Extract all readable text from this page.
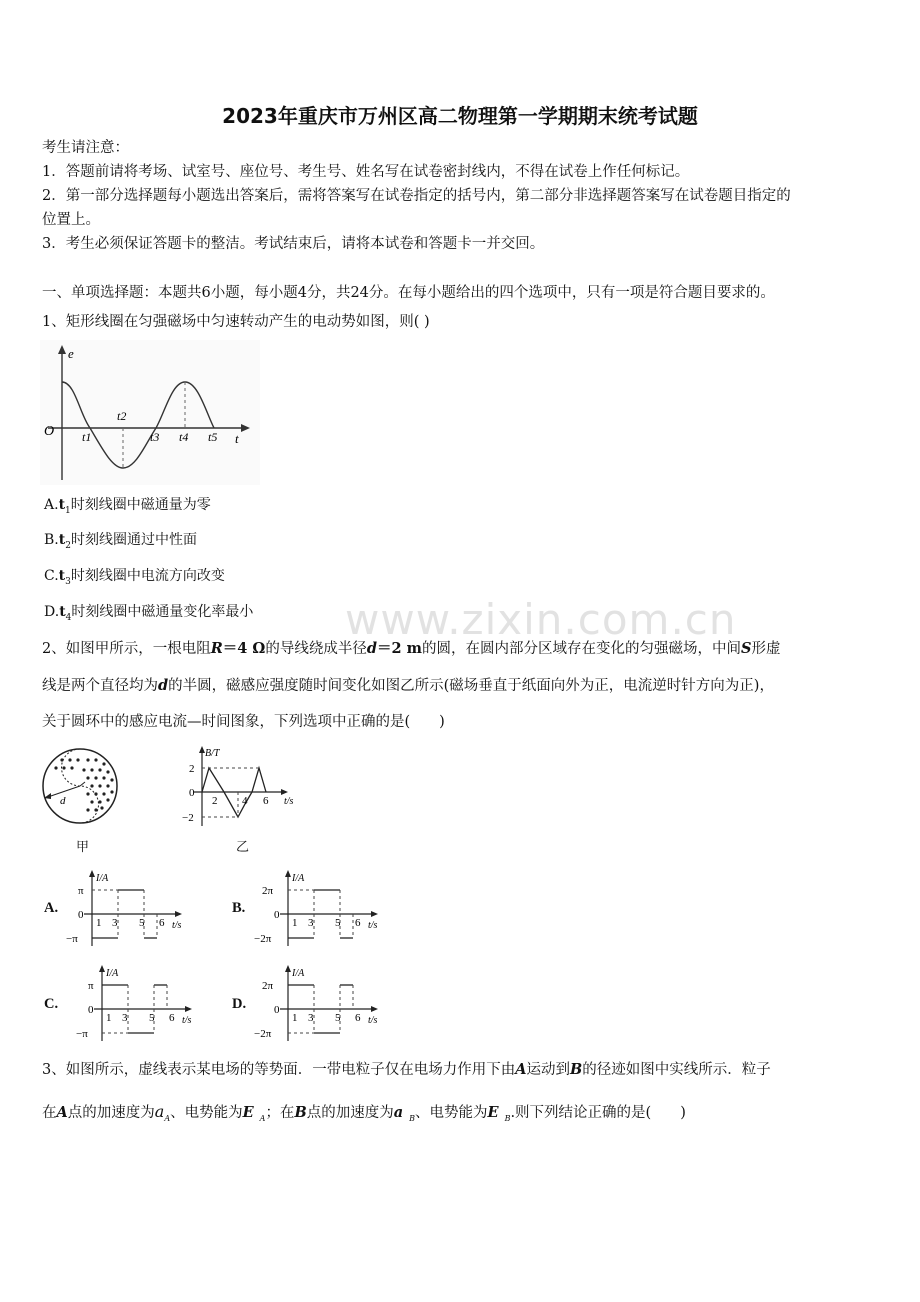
2023年重庆市万州区高二物理第一学期期末统考试题
考生请注意：
1．答题前请将考场、试室号、座位号、考生号、姓名写在试卷密封线内，不得在试卷上作任何标记。
2．第一部分选择题每小题选出答案后，需将答案写在试卷指定的括号内，第二部分非选择题答案写在试卷题目指定的
位置上。
3．考生必须保证答题卡的整洁。考试结束后，请将本试卷和答题卡一并交回。
一、单项选择题：本题共6小题，每小题4分，共24分。在每小题给出的四个选项中，只有一项是符合题目要求的。
1、矩形线圈在匀强磁场中匀速转动产生的电动势如图，则( )
e
O	t
t1
t2
t3 t4 t5
$A.t_1$时刻线圈中磁通量为零
$B.t_2$时刻线圈通过中性面
$C.t_3$时刻线圈中电流方向改变
$D.t_4$时刻线圈中磁通量变化率最小 www.zixin.com.cn
2、如图甲所示，一根电阻R＝4 Ω的导线绕成半径d＝2 m的圆，在圆内部分区域存在变化的匀强磁场，中间S形虚
线是两个直径均为d的半圆，磁感应强度随时间变化如图乙所示(磁场垂直于纸面向外为正，电流逆时针方向为正)，
关于圆环中的感应电流—时间图象，下列选项中正确的是(　　)
d
甲
B/T
t/s
2
0
−2
2 4 6
乙
A.
I/A
t/s
π
0
−π
1 3 5 6
B.
I/A
t/s
2π
0
−2π
1 3 5 6
C.
I/A
t/s
π
0
−π
1 3 5 6
D.
I/A
t/s
2π
0
−2π
1 3 5 6
3、如图所示，虚线表示某电场的等势面．一带电粒子仅在电场力作用下由A运动到B的径迹如图中实线所示．粒子
在A点的加速度为$a_A$、电势能为E $_A$；在B点的加速度为a $_B$、电势能为E $_B$.则下列结论正确的是(　　)
